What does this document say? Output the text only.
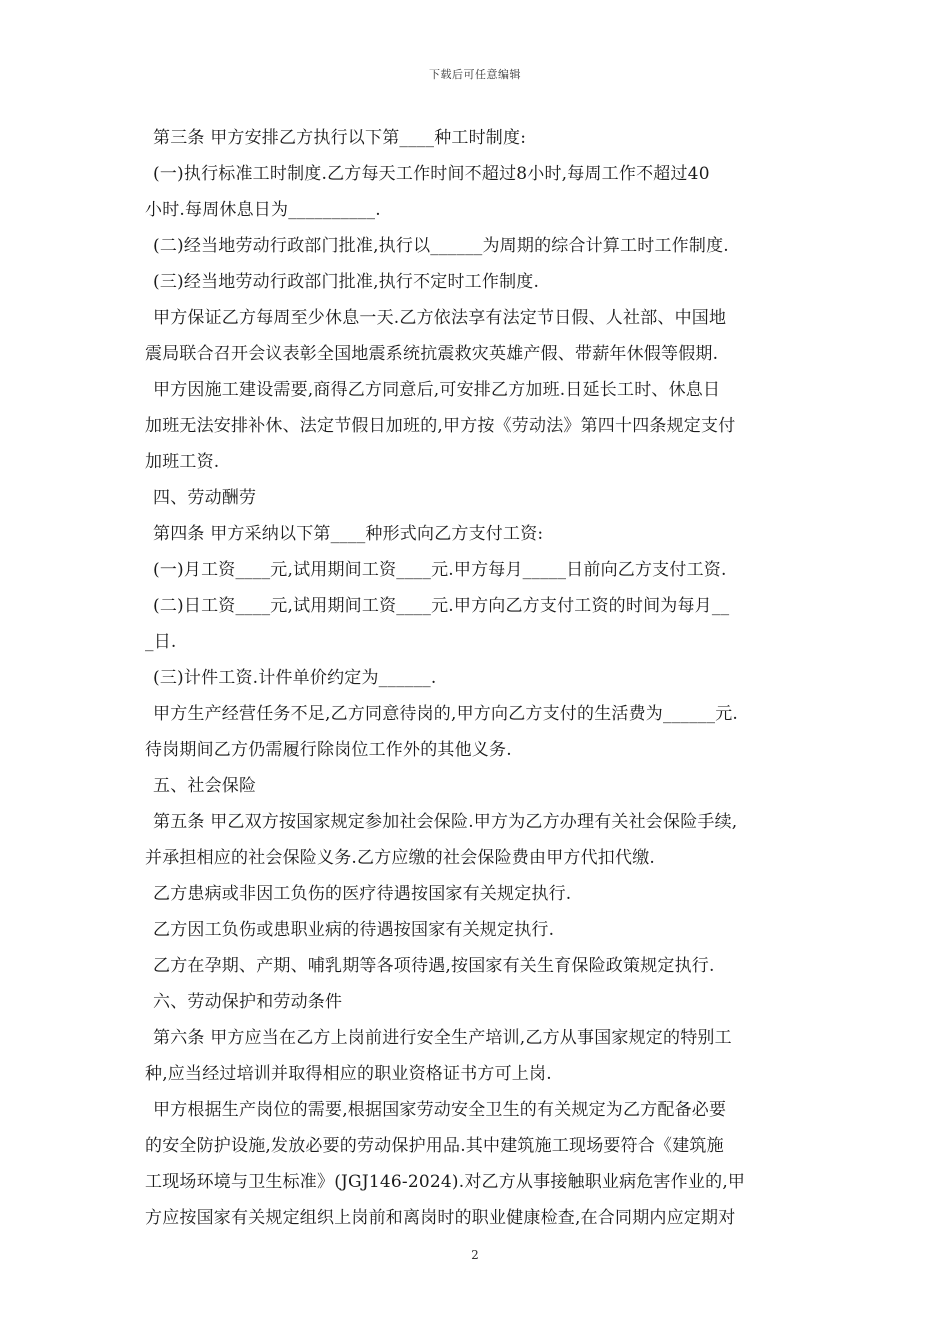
下载后可任意编辑
第三条 甲方安排乙方执行以下第____种工时制度:
(一)执行标准工时制度.乙方每天工作时间不超过8小时,每周工作不超过40
小时.每周休息日为__________.
(二)经当地劳动行政部门批准,执行以______为周期的综合计算工时工作制度.
(三)经当地劳动行政部门批准,执行不定时工作制度.
甲方保证乙方每周至少休息一天.乙方依法享有法定节日假、人社部、中国地
震局联合召开会议表彰全国地震系统抗震救灾英雄产假、带薪年休假等假期.
甲方因施工建设需要,商得乙方同意后,可安排乙方加班.日延长工时、休息日
加班无法安排补休、法定节假日加班的,甲方按《劳动法》第四十四条规定支付
加班工资.
四、劳动酬劳
第四条 甲方采纳以下第____种形式向乙方支付工资:
(一)月工资____元,试用期间工资____元.甲方每月_____日前向乙方支付工资.
(二)日工资____元,试用期间工资____元.甲方向乙方支付工资的时间为每月__
_日.
(三)计件工资.计件单价约定为______.
甲方生产经营任务不足,乙方同意待岗的,甲方向乙方支付的生活费为______元.
待岗期间乙方仍需履行除岗位工作外的其他义务.
五、社会保险
第五条 甲乙双方按国家规定参加社会保险.甲方为乙方办理有关社会保险手续,
并承担相应的社会保险义务.乙方应缴的社会保险费由甲方代扣代缴.
乙方患病或非因工负伤的医疗待遇按国家有关规定执行.
乙方因工负伤或患职业病的待遇按国家有关规定执行.
乙方在孕期、产期、哺乳期等各项待遇,按国家有关生育保险政策规定执行.
六、劳动保护和劳动条件
第六条 甲方应当在乙方上岗前进行安全生产培训,乙方从事国家规定的特别工
种,应当经过培训并取得相应的职业资格证书方可上岗.
甲方根据生产岗位的需要,根据国家劳动安全卫生的有关规定为乙方配备必要
的安全防护设施,发放必要的劳动保护用品.其中建筑施工现场要符合《建筑施
工现场环境与卫生标准》(JGJ146-2024).对乙方从事接触职业病危害作业的,甲
方应按国家有关规定组织上岗前和离岗时的职业健康检查,在合同期内应定期对
2
